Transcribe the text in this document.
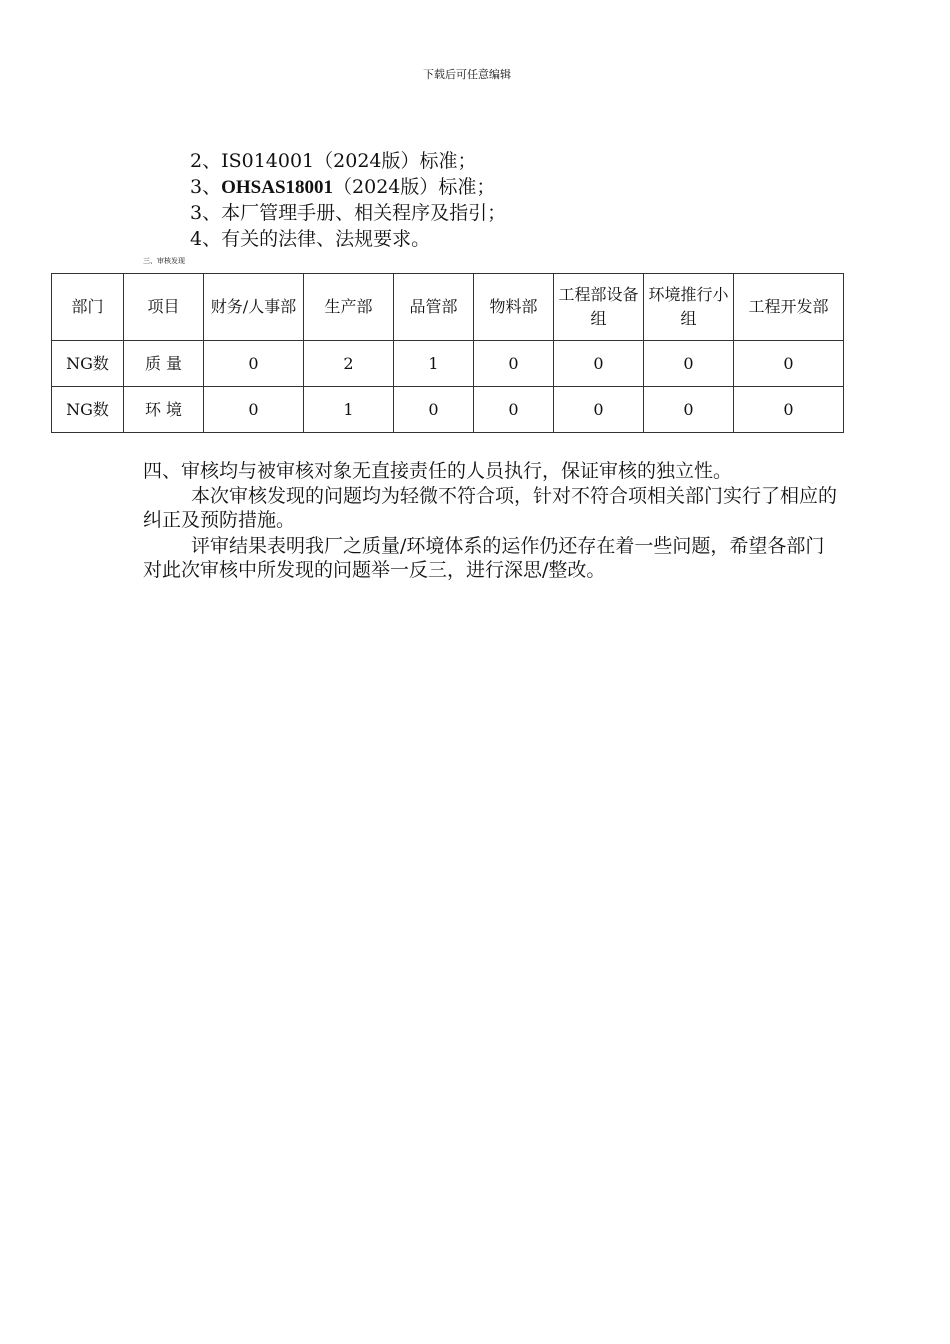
下载后可任意编辑
2、IS014001（2024版）标准；
3、OHSAS18001（2024版）标准；
3、本厂管理手册、相关程序及指引；
4、有关的法律、法规要求。
三、审核发现
部门	项目	财务/人事部	生产部	品管部	物料部	工程部设备组	环境推行小组	工程开发部
NG数	质 量	0	2	1	0	0	0	0
NG数	环 境	0	1	0	0	0	0	0
四、审核均与被审核对象无直接责任的人员执行，保证审核的独立性。
本次审核发现的问题均为轻微不符合项，针对不符合项相关部门实行了相应的纠正及预防措施。
评审结果表明我厂之质量/环境体系的运作仍还存在着一些问题，希望各部门对此次审核中所发现的问题举一反三，进行深思/整改。
